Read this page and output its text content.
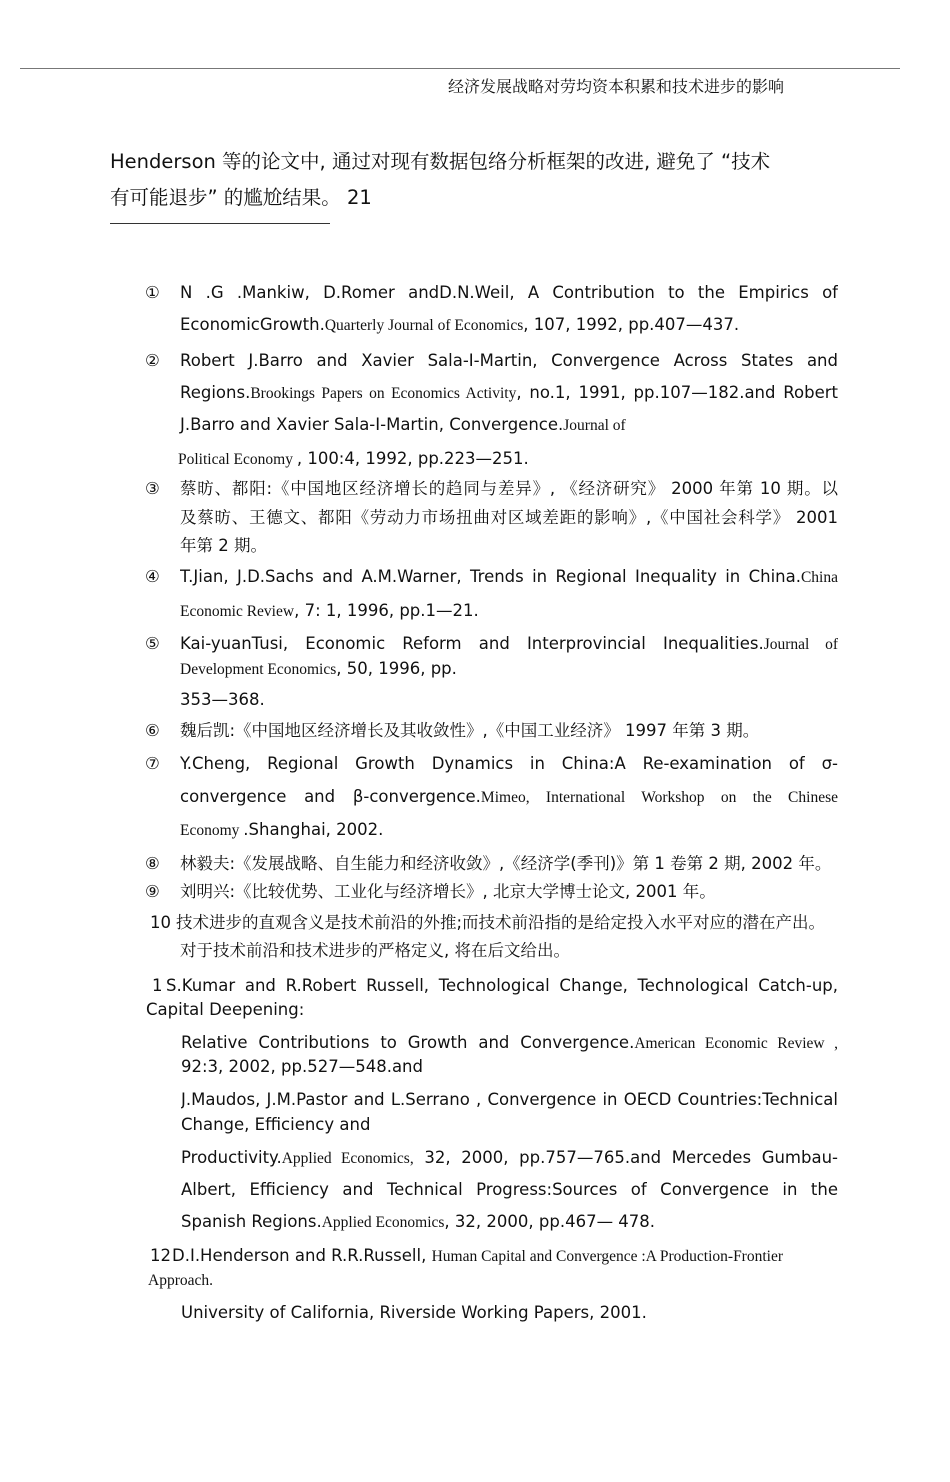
经济发展战略对劳均资本积累和技术进步的影响
Henderson 等的论文中, 通过对现有数据包络分析框架的改进, 避免了 “技术
有可能退步” 的尴尬结果。 21
① N .G .Mankiw, D.Romer andD.N.Weil, A Contribution to the Empirics of
EconomicGrowth.Quarterly Journal of Economics, 107, 1992, pp.407—437.
② Robert J.Barro and Xavier Sala-I-Martin, Convergence Across States and
Regions.Brookings Papers on Economics Activity, no.1, 1991, pp.107—182.and Robert
J.Barro and Xavier Sala-I-Martin, Convergence.Journal of
Political Economy , 100:4, 1992, pp.223—251.
③ 蔡昉、都阳:《中国地区经济增长的趋同与差异》, 《经济研究》 2000 年第 10 期。以
及蔡昉、王德文、都阳《劳动力市场扭曲对区域差距的影响》,《中国社会科学》 2001
年第 2 期。
④ T.Jian, J.D.Sachs and A.M.Warner, Trends in Regional Inequality in China.China
Economic Review, 7: 1, 1996, pp.1—21.
⑤ Kai-yuanTusi, Economic Reform and Interprovincial Inequalities.Journal of
Development Economics, 50, 1996, pp.
353—368.
⑥ 魏后凯:《中国地区经济增长及其收敛性》,《中国工业经济》 1997 年第 3 期。
⑦ Y.Cheng, Regional Growth Dynamics in China:A Re-examination of σ-
convergence and β-convergence.Mimeo, International Workshop on the Chinese
Economy .Shanghai, 2002.
⑧ 林毅夫:《发展战略、自生能力和经济收敛》,《经济学(季刊)》第 1 卷第 2 期, 2002 年。
⑨ 刘明兴:《比较优势、工业化与经济增长》, 北京大学博士论文, 2001 年。
10 技术进步的直观含义是技术前沿的外推;而技术前沿指的是给定投入水平对应的潜在产出。
对于技术前沿和技术进步的严格定义, 将在后文给出。
1 S.Kumar and R.Robert Russell, Technological Change, Technological Catch-up,
Capital Deepening:
Relative Contributions to Growth and Convergence.American Economic Review ,
92:3, 2002, pp.527—548.and
J.Maudos, J.M.Pastor and L.Serrano , Convergence in OECD Countries:Technical
Change, Efficiency and
Productivity.Applied Economics, 32, 2000, pp.757—765.and Mercedes Gumbau-
Albert, Efficiency and Technical Progress:Sources of Convergence in the
Spanish Regions.Applied Economics, 32, 2000, pp.467— 478.
12 D.I.Henderson and R.R.Russell, Human Capital and Convergence :A Production-Frontier
Approach.
University of California, Riverside Working Papers, 2001.
